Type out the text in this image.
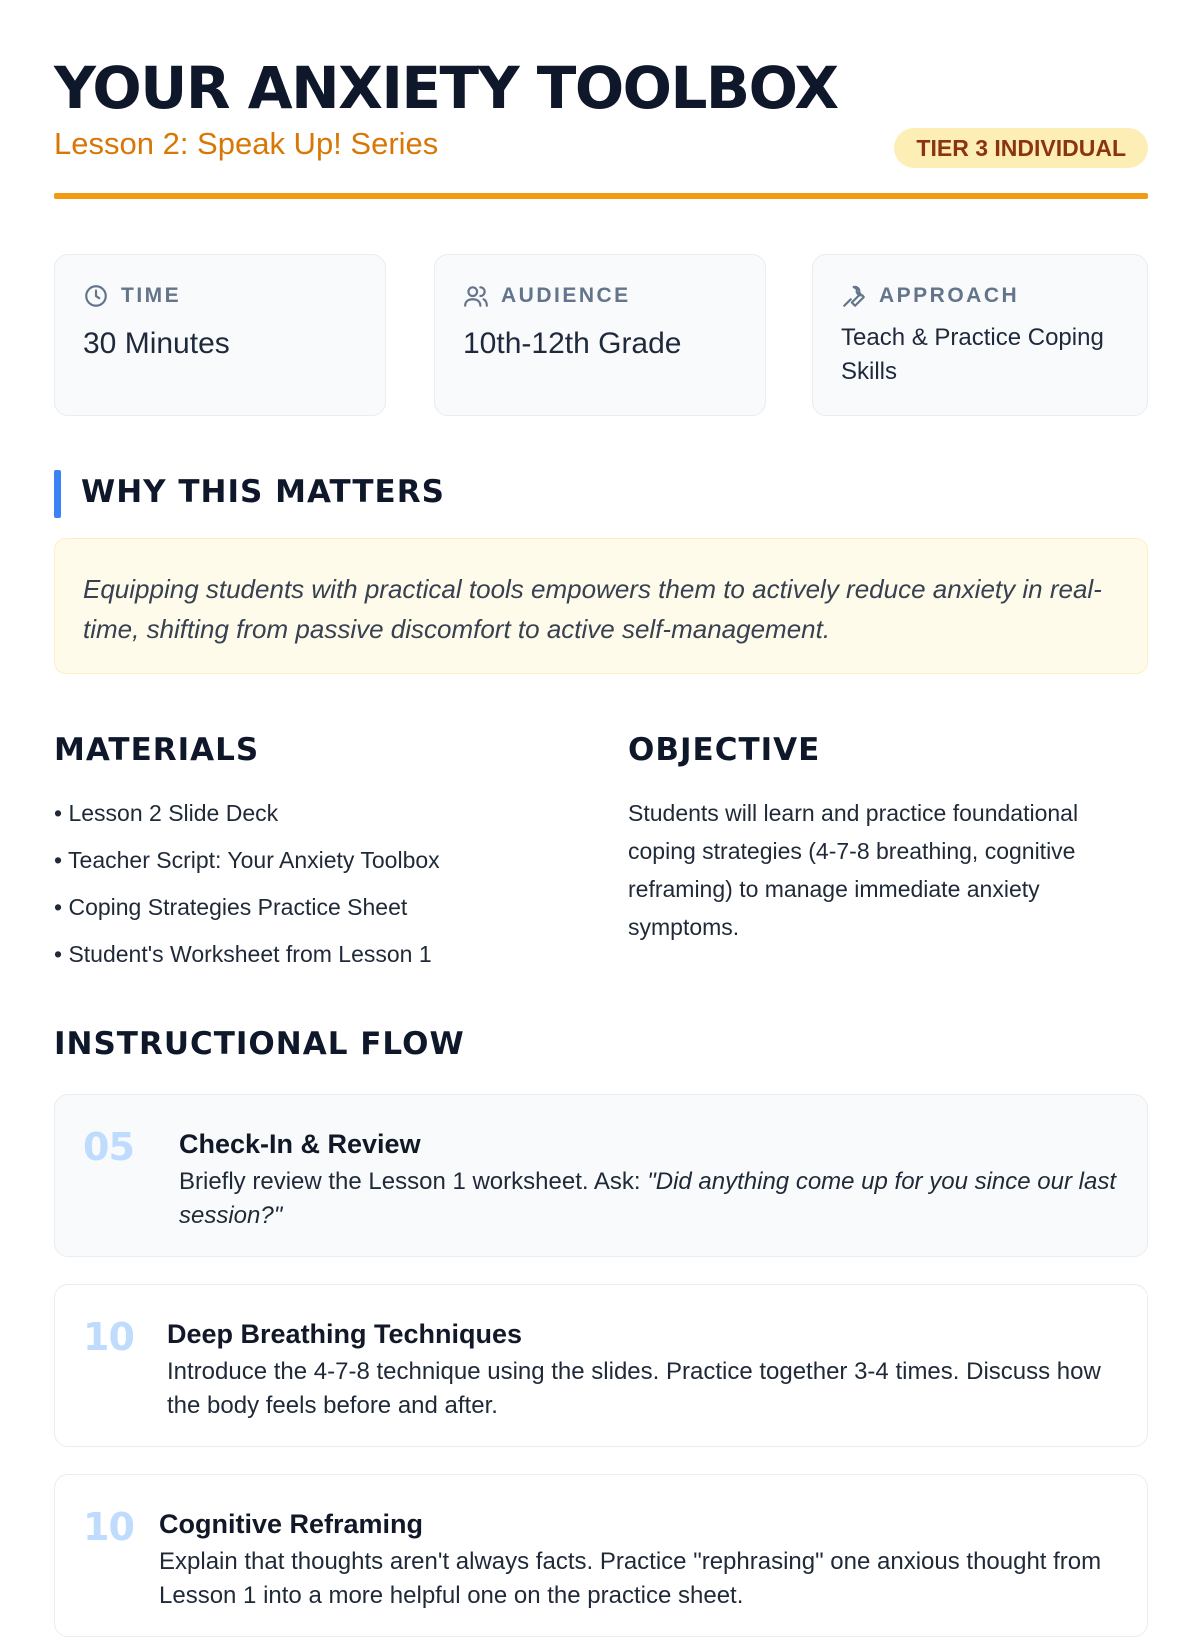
YOUR ANXIETY TOOLBOX
Lesson 2: Speak Up! Series	TIER 3 INDIVIDUAL
TIME
30 Minutes
AUDIENCE
10th-12th Grade
APPROACH
Teach & Practice Coping Skills
WHY THIS MATTERS
Equipping students with practical tools empowers them to actively reduce anxiety in real-time, shifting from passive discomfort to active self-management.
MATERIALS
• Lesson 2 Slide Deck
• Teacher Script: Your Anxiety Toolbox
• Coping Strategies Practice Sheet
• Student's Worksheet from Lesson 1
OBJECTIVE
Students will learn and practice foundational coping strategies (4-7-8 breathing, cognitive reframing) to manage immediate anxiety symptoms.
INSTRUCTIONAL FLOW
05 Check-In & Review
Briefly review the Lesson 1 worksheet. Ask: "Did anything come up for you since our last session?"
10 Deep Breathing Techniques
Introduce the 4-7-8 technique using the slides. Practice together 3-4 times. Discuss how the body feels before and after.
10 Cognitive Reframing
Explain that thoughts aren't always facts. Practice "rephrasing" one anxious thought from Lesson 1 into a more helpful one on the practice sheet.
